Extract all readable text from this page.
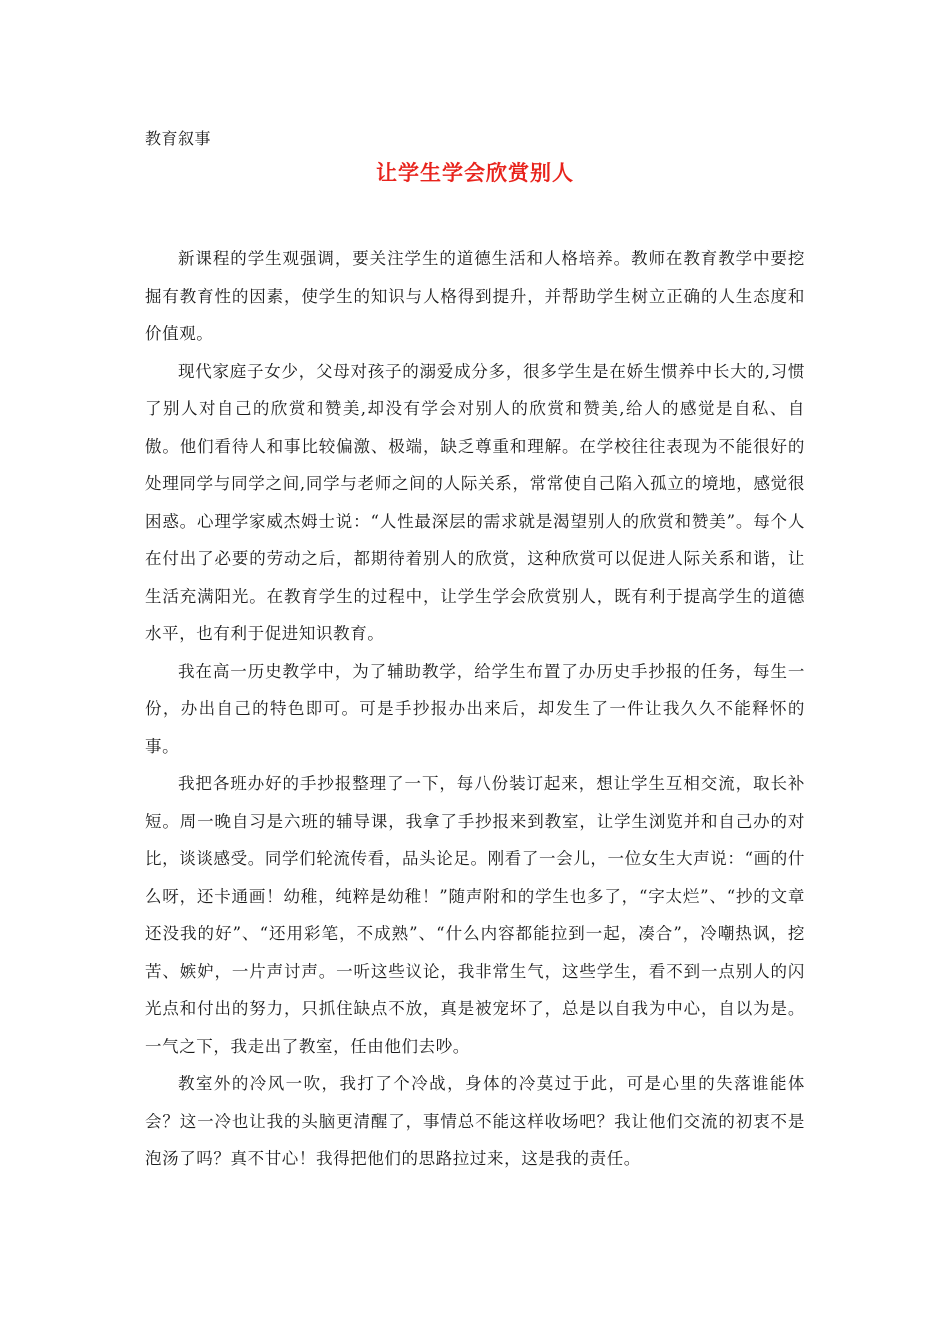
教育叙事
让学生学会欣赏别人

新课程的学生观强调，要关注学生的道德生活和人格培养。教师在教育教学中要挖掘有教育性的因素，使学生的知识与人格得到提升，并帮助学生树立正确的人生态度和价值观。

现代家庭子女少，父母对孩子的溺爱成分多，很多学生是在娇生惯养中长大的,习惯了别人对自己的欣赏和赞美,却没有学会对别人的欣赏和赞美,给人的感觉是自私、自傲。他们看待人和事比较偏激、极端，缺乏尊重和理解。在学校往往表现为不能很好的处理同学与同学之间,同学与老师之间的人际关系，常常使自己陷入孤立的境地，感觉很困惑。心理学家威杰姆士说：“人性最深层的需求就是渴望别人的欣赏和赞美”。每个人在付出了必要的劳动之后，都期待着别人的欣赏，这种欣赏可以促进人际关系和谐，让生活充满阳光。在教育学生的过程中，让学生学会欣赏别人，既有利于提高学生的道德水平，也有利于促进知识教育。

我在高一历史教学中，为了辅助教学，给学生布置了办历史手抄报的任务，每生一份，办出自己的特色即可。可是手抄报办出来后，却发生了一件让我久久不能释怀的事。

我把各班办好的手抄报整理了一下，每八份装订起来，想让学生互相交流，取长补短。周一晚自习是六班的辅导课，我拿了手抄报来到教室，让学生浏览并和自己办的对比，谈谈感受。同学们轮流传看，品头论足。刚看了一会儿，一位女生大声说：“画的什么呀，还卡通画！幼稚，纯粹是幼稚！”随声附和的学生也多了，“字太烂”、“抄的文章还没我的好”、“还用彩笔，不成熟”、“什么内容都能拉到一起，凑合”，冷嘲热讽，挖苦、嫉妒，一片声讨声。一听这些议论，我非常生气，这些学生，看不到一点别人的闪光点和付出的努力，只抓住缺点不放，真是被宠坏了，总是以自我为中心，自以为是。一气之下，我走出了教室，任由他们去吵。

教室外的冷风一吹，我打了个冷战，身体的冷莫过于此，可是心里的失落谁能体会？这一冷也让我的头脑更清醒了，事情总不能这样收场吧？我让他们交流的初衷不是泡汤了吗？真不甘心！我得把他们的思路拉过来，这是我的责任。
